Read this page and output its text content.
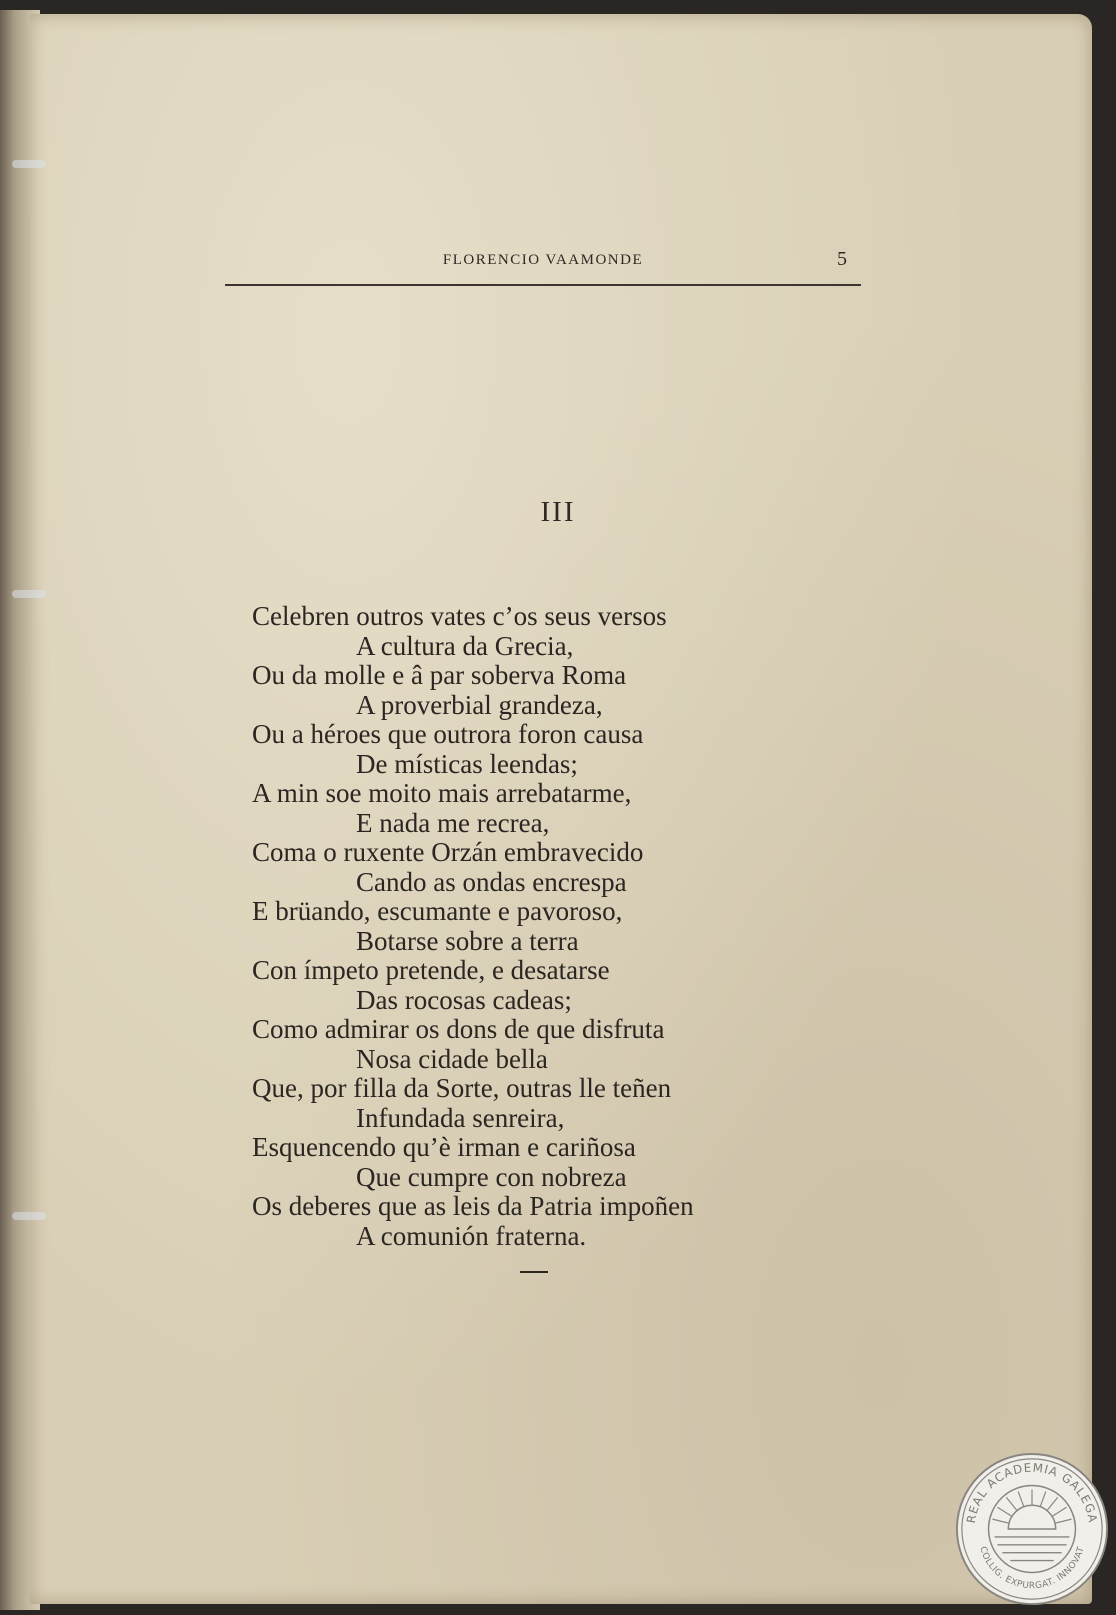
FLORENCIO VAAMONDE	5
III
Celebren outros vates c’os seus versos
A cultura da Grecia,
Ou da molle e â par soberva Roma
A proverbial grandeza,
Ou a héroes que outrora foron causa
De místicas leendas;
A min soe moito mais arrebatarme,
E nada me recrea,
Coma o ruxente Orzán embravecido
Cando as ondas encrespa
E brüando, escumante e pavoroso,
Botarse sobre a terra
Con ímpeto pretende, e desatarse
Das rocosas cadeas;
Como admirar os dons de que disfruta
Nosa cidade bella
Que, por filla da Sorte, outras lle teñen
Infundada senreira,
Esquencendo qu’è irman e cariñosa
Que cumpre con nobreza
Os deberes que as leis da Patria impoñen
A comunión fraterna.
REAL ACADEMIA GALEGA
COLLIG. EXPURGAT. INNOVAT
